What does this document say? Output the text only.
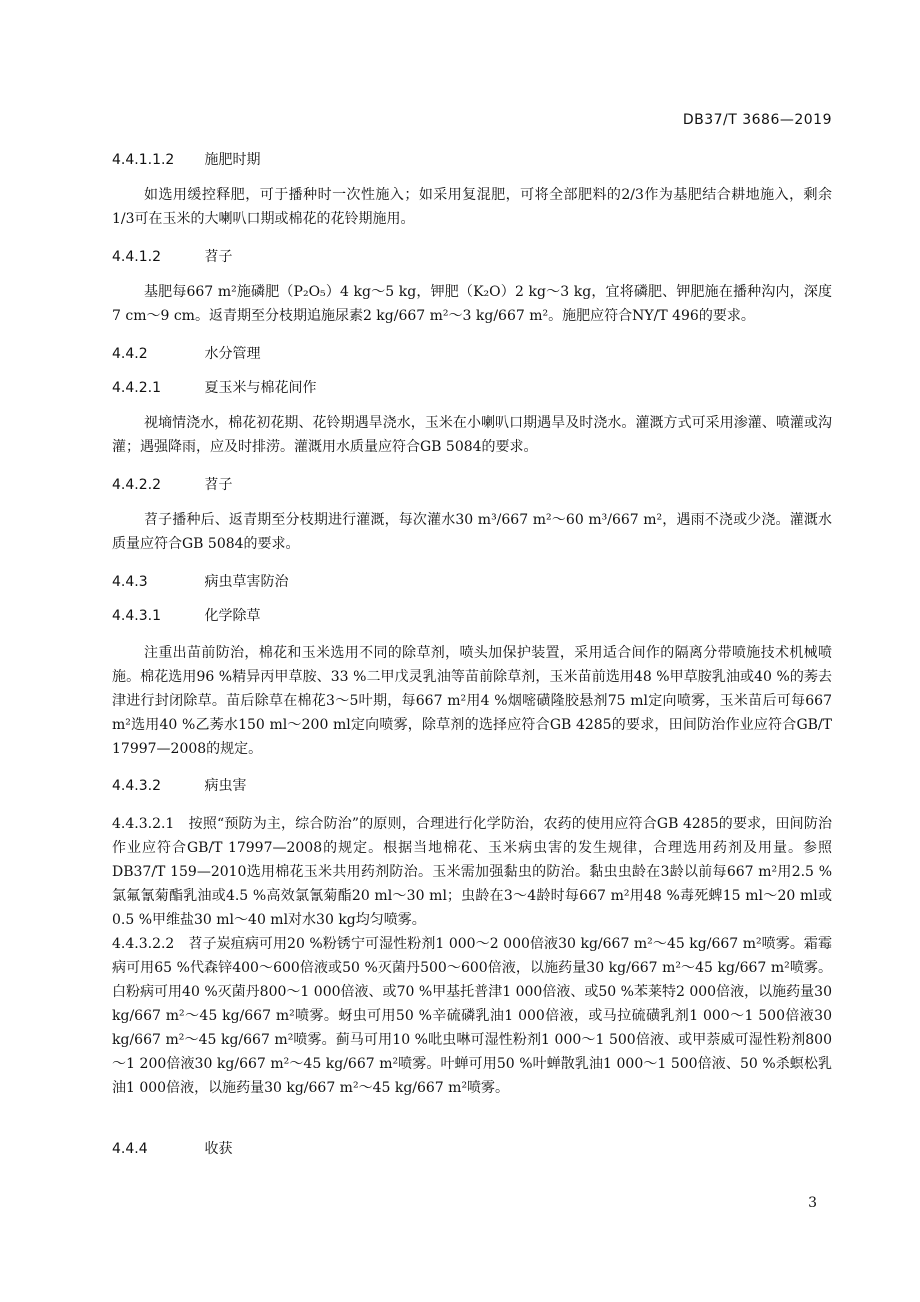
DB37/T 3686—2019
4.4.1.1.2 施肥时期
如选用缓控释肥，可于播种时一次性施入；如采用复混肥，可将全部肥料的2/3作为基肥结合耕地施入，剩余1/3可在玉米的大喇叭口期或棉花的花铃期施用。
4.4.1.2	苕子
基肥每667 m²施磷肥（P₂O₅）4 kg～5 kg，钾肥（K₂O）2 kg～3 kg，宜将磷肥、钾肥施在播种沟内，深度7 cm～9 cm。返青期至分枝期追施尿素2 kg/667 m²～3 kg/667 m²。施肥应符合NY/T 496的要求。
4.4.2	水分管理
4.4.2.1	夏玉米与棉花间作
视墒情浇水，棉花初花期、花铃期遇旱浇水，玉米在小喇叭口期遇旱及时浇水。灌溉方式可采用渗灌、喷灌或沟灌；遇强降雨，应及时排涝。灌溉用水质量应符合GB 5084的要求。
4.4.2.2	苕子
苕子播种后、返青期至分枝期进行灌溉，每次灌水30 m³/667 m²～60 m³/667 m²，遇雨不浇或少浇。灌溉水质量应符合GB 5084的要求。
4.4.3	病虫草害防治
4.4.3.1	化学除草
注重出苗前防治，棉花和玉米选用不同的除草剂，喷头加保护装置，采用适合间作的隔离分带喷施技术机械喷施。棉花选用96 %精异丙甲草胺、33 %二甲戊灵乳油等苗前除草剂，玉米苗前选用48 %甲草胺乳油或40 %的莠去津进行封闭除草。苗后除草在棉花3～5叶期，每667 m²用4 %烟嘧磺隆胶悬剂75 ml定向喷雾，玉米苗后可每667 m²选用40 %乙莠水150 ml～200 ml定向喷雾，除草剂的选择应符合GB 4285的要求，田间防治作业应符合GB/T 17997—2008的规定。
4.4.3.2	病虫害
4.4.3.2.1　按照“预防为主，综合防治”的原则，合理进行化学防治，农药的使用应符合GB 4285的要求，田间防治作业应符合GB/T 17997—2008的规定。根据当地棉花、玉米病虫害的发生规律，合理选用药剂及用量。参照DB37/T 159—2010选用棉花玉米共用药剂防治。玉米需加强黏虫的防治。黏虫虫龄在3龄以前每667 m²用2.5 %氯氟氰菊酯乳油或4.5 %高效氯氰菊酯20 ml～30 ml；虫龄在3～4龄时每667 m²用48 %毒死蜱15 ml～20 ml或0.5 %甲维盐30 ml～40 ml对水30 kg均匀喷雾。
4.4.3.2.2　苕子炭疽病可用20 %粉锈宁可湿性粉剂1 000～2 000倍液30 kg/667 m²～45 kg/667 m²喷雾。霜霉病可用65 %代森锌400～600倍液或50 %灭菌丹500～600倍液，以施药量30 kg/667 m²～45 kg/667 m²喷雾。白粉病可用40 %灭菌丹800～1 000倍液、或70 %甲基托普津1 000倍液、或50 %苯莱特2 000倍液，以施药量30 kg/667 m²～45 kg/667 m²喷雾。蚜虫可用50 %辛硫磷乳油1 000倍液，或马拉硫磺乳剂1 000～1 500倍液30 kg/667 m²～45 kg/667 m²喷雾。蓟马可用10 %吡虫啉可湿性粉剂1 000～1 500倍液、或甲萘威可湿性粉剂800～1 200倍液30 kg/667 m²～45 kg/667 m²喷雾。叶蝉可用50 %叶蝉散乳油1 000～1 500倍液、50 %杀螟松乳油1 000倍液，以施药量30 kg/667 m²～45 kg/667 m²喷雾。
4.4.4	收获
3
